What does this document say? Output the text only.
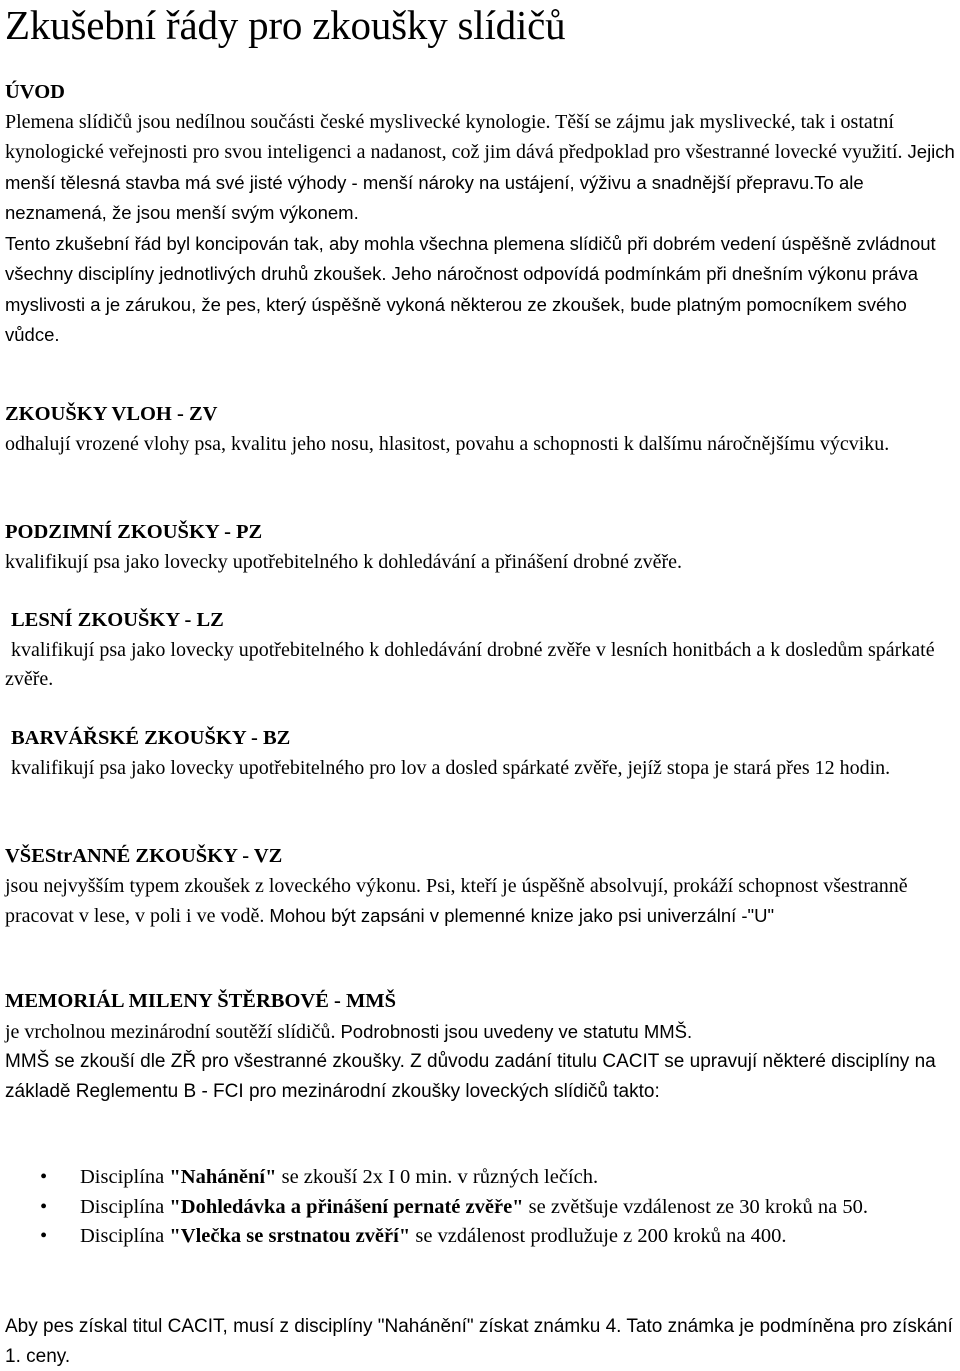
Zkušební řády pro zkoušky slídičů
ÚVOD
Plemena slídičů jsou nedílnou součásti české myslivecké kynologie. Těší se zájmu jak myslivecké, tak i ostatní kynologické veřejnosti pro svou inteligenci a nadanost, což jim dává předpoklad pro všestranné lovecké využití. Jejich menší tělesná stavba má své jisté výhody - menší nároky na ustájení, výživu a snadnější přepravu.To ale neznamená, že jsou menší svým výkonem.
Tento zkušební řád byl koncipován tak, aby mohla všechna plemena slídičů při dobrém vedení úspěšně zvládnout všechny disciplíny jednotlivých druhů zkoušek. Jeho náročnost odpovídá podmínkám při dnešním výkonu práva myslivosti a je zárukou, že pes, který úspěšně vykoná některou ze zkoušek, bude platným pomocníkem svého vůdce.
ZKOUŠKY VLOH - ZV
odhalují vrozené vlohy psa, kvalitu jeho nosu, hlasitost, povahu a schopnosti k dalšímu náročnějšímu výcviku.
PODZIMNÍ ZKOUŠKY - PZ
kvalifikují psa jako lovecky upotřebitelného k dohledávání a přinášení drobné zvěře.
LESNÍ ZKOUŠKY - LZ
kvalifikují psa jako lovecky upotřebitelného k dohledávání drobné zvěře v lesních honitbách a k dosledům spárkaté zvěře.
BARVÁŘSKÉ ZKOUŠKY - BZ
kvalifikují psa jako lovecky upotřebitelného pro lov a dosled spárkaté zvěře, jejíž stopa je stará přes 12 hodin.
VŠEStrANNÉ ZKOUŠKY - VZ
jsou nejvyšším typem zkoušek z loveckého výkonu. Psi, kteří je úspěšně absolvují, prokáží schopnost všestranně pracovat v lese, v poli i ve vodě. Mohou být zapsáni v plemenné knize jako psi univerzální -"U"
MEMORIÁL MILENY ŠTĚRBOVÉ - MMŠ
je vrcholnou mezinárodní soutěží slídičů. Podrobnosti jsou uvedeny ve statutu MMŠ.
MMŠ se zkouší dle ZŘ pro všestranné zkoušky. Z důvodu zadání titulu CACIT se upravují některé disciplíny na základě Reglementu B - FCI pro mezinárodní zkoušky loveckých slídičů takto:
• Disciplína "Nahánění" se zkouší 2x I 0 min. v různých lečích.
• Disciplína "Dohledávka a přinášení pernaté zvěře" se zvětšuje vzdálenost ze 30 kroků na 50.
• Disciplína "Vlečka se srstnatou zvěří" se vzdálenost prodlužuje z 200 kroků na 400.
Aby pes získal titul CACIT, musí z disciplíny "Nahánění" získat známku 4. Tato známka je podmíněna pro získání 1. ceny.
